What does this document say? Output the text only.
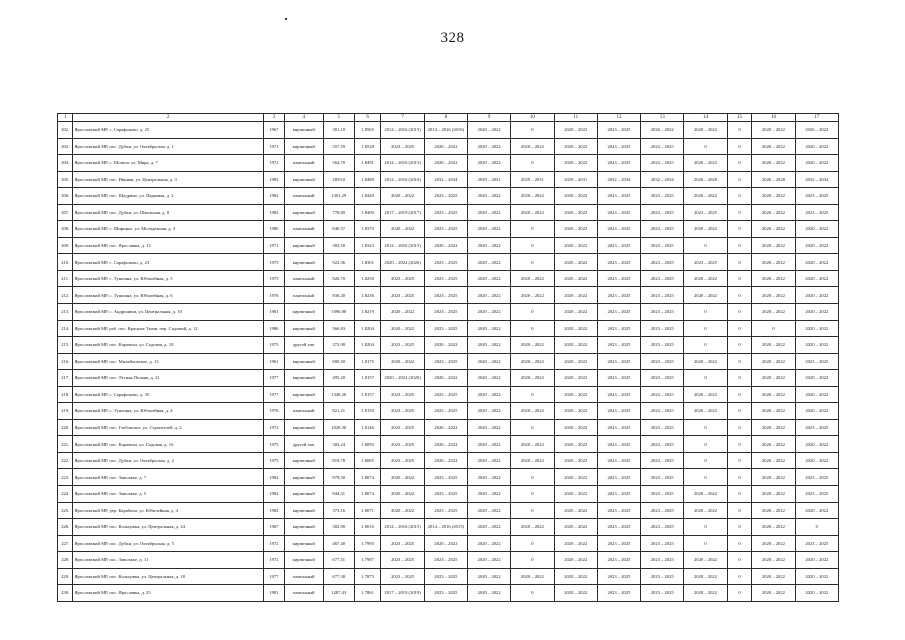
328
1	2	3	4	5	6	7	8	9	10	11	12	13	14	15	16	17
202.	Ярославский МР, с. Сарафоново, д. 25	1967	кирпичный	381,10	1.8565	2014 – 2016 (2015)	2014 – 2016 (2016)	2020 – 2022	0	2020 – 2022	2023 – 2025	2026 – 2022	2020 – 2022	0	2020 – 2022	2026 – 2022
203.	Ярославский МР, пос. Дубки, ул. Октябрьская, д. 1	1971	кирпичный	357,59	1.8528	2023 – 2025	2020 – 2022	2020 – 2022	2020 – 2022	2020 – 2022	2023 – 2025	2023 – 2025	0	0	2020 – 2022	2020 – 2022
204.	Ярославский МР, с. Шопша, ул. Мира, д. 7	1972	панельный	564,70	1.8491	2014 – 2016 (2015)	2020 – 2022	2020 – 2022	0	2020 – 2022	2023 – 2025	2023 – 2025	2020 – 2022	0	2020 – 2022	2020 – 2022
205.	Ярославский МР, пос. Ивняки, ул. Центральная, д. 3	1983	кирпичный	2859,0	1.8480	2014 – 2016 (2016)	2032 – 2034	2029 – 2031	2029 – 2031	2029 – 2031	2032 – 2034	2032 – 2034	2026 – 2028	0	2026 – 2028	2032 – 2034
206.	Ярославский МР, пос. Щедрино, ул. Парковая, д. 2	1982	панельный	1301,29	1.8440	2020 – 2022	2023 – 2025	2020 – 2022	2020 – 2022	2020 – 2022	2023 – 2025	2023 – 2025	2020 – 2022	0	2020 – 2022	2023 – 2025
207.	Ярославский МР, пос. Дубки, ул. Школьная, д. 8	1982	кирпичный	778,80	1.8400	2017 – 2019 (2017)	2023 – 2025	2020 – 2022	2020 – 2022	2020 – 2022	2023 – 2025	2023 – 2025	2023 – 2025	0	2020 – 2022	2023 – 2025
208.	Ярославский МР, с. Ширинье, ул. Молодежная, д. 3	1980	панельный	840,57	1.8370	2020 – 2022	2023 – 2025	2020 – 2022	0	2020 – 2022	2023 – 2025	2023 – 2025	2020 – 2022	0	2020 – 2022	2020 – 2022
209.	Ярославский МР, пос. Ярославка, д. 13	1971	кирпичный	383,50	1.8323	2014 – 2016 (2015)	2020 – 2022	2020 – 2022	0	2020 – 2022	2023 – 2025	2023 – 2025	0	0	2020 – 2022	2020 – 2022
210.	Ярославский МР, с. Сарафоново, д. 23	1975	кирпичный	922,36	1.8301	2020 – 2022 (2020)	2023 – 2025	2020 – 2022	0	2020 – 2022	2023 – 2025	2023 – 2025	2023 – 2025	0	2020 – 2022	2020 – 2022
211.	Ярославский МР, с. Туношна, ул. Юбилейная, д. 5	1975	панельный	826,70	1.8250	2023 – 2025	2023 – 2025	2020 – 2022	2020 – 2022	2020 – 2022	2023 – 2025	2023 – 2025	2020 – 2022	0	2020 – 2022	2020 – 2022
212.	Ярославский МР, с. Туношна, ул. Юбилейная, д. 6	1976	панельный	836,20	1.8236	2023 – 2025	2023 – 2025	2020 – 2022	2020 – 2022	2020 – 2022	2023 – 2025	2023 – 2025	2020 – 2022	0	2020 – 2022	2020 – 2022
213.	Ярославский МР, с. Андроники, ул. Центральная, д. 10	1981	кирпичный	1096,80	1.8219	2020 – 2022	2023 – 2025	2020 – 2022	0	2020 – 2022	2023 – 2025	2023 – 2025	0	0	2020 – 2022	2020 – 2022
214.	Ярославский МР, раб. пос. Красные Ткачи, пер. Садовый, д. 12	1986	кирпичный	566,83	1.8204	2020 – 2022	2023 – 2025	2020 – 2022	0	2020 – 2022	2023 – 2025	2023 – 2025	0	0	0	2020 – 2022
215.	Ярославский МР, пос. Карачиха, ул. Садовая, д. 18	1975	другой тип	372,90	1.8204	2023 – 2025	2020 – 2022	2020 – 2022	2020 – 2022	2020 – 2022	2023 – 2025	2023 – 2025	0	0	2020 – 2022	2020 – 2022
216.	Ярославский МР, пос. Михайловское, д. 13	1961	кирпичный	690,50	1.8175	2020 – 2022	2023 – 2025	2020 – 2022	2020 – 2022	2020 – 2022	2023 – 2025	2023 – 2025	2020 – 2022	0	2020 – 2022	2023 – 2025
217.	Ярославский МР, пос. Лесная Поляна, д. 21	1977	кирпичный	495,20	1.8157	2020 – 2022 (2020)	2020 – 2022	2020 – 2022	2020 – 2022	2020 – 2022	2023 – 2025	2023 – 2025	0	0	2020 – 2022	2020 – 2022
218.	Ярославский МР, с. Сарафоново, д. 35	1977	кирпичный	1348,20	1.8157	2023 – 2025	2023 – 2025	2020 – 2022	0	2020 – 2022	2023 – 2025	2023 – 2025	2020 – 2022	0	2020 – 2022	2020 – 2022
219.	Ярославский МР, с. Туношна, ул. Юбилейная, д. 4	1976	панельный	821,21	1.8150	2023 – 2025	2023 – 2025	2020 – 2022	2020 – 2022	2020 – 2022	2023 – 2025	2023 – 2025	2020 – 2022	0	2020 – 2022	2020 – 2022
220.	Ярославский МР, пос. Глебовское, ул. Строителей, д. 2	1972	кирпичный	1028,30	1.8146	2023 – 2025	2020 – 2022	2020 – 2022	0	2020 – 2022	2023 – 2025	2023 – 2025	0	0	2020 – 2022	2023 – 2025
221.	Ярославский МР, пос. Карачиха, ул. Садовая, д. 16	1975	другой тип	383,24	1.8093	2023 – 2025	2020 – 2022	2020 – 2022	2020 – 2022	2020 – 2022	2023 – 2025	2023 – 2025	0	0	2020 – 2022	2020 – 2022
222.	Ярославский МР, пос. Дубки, ул. Октябрьская, д. 2	1975	кирпичный	819,78	1.8085	2023 – 2025	2020 – 2022	2020 – 2022	2020 – 2022	2020 – 2022	2023 – 2025	2023 – 2025	0	0	2020 – 2022	2020 – 2022
223.	Ярославский МР, пос. Заволжье, д. 7	1982	кирпичный	879,50	1.8074	2020 – 2022	2023 – 2025	2020 – 2022	0	2020 – 2022	2023 – 2025	2023 – 2025	0	0	2020 – 2022	2023 – 2025
224.	Ярославский МР, пос. Заволжье, д. 5	1982	кирпичный	944,31	1.8074	2020 – 2022	2023 – 2025	2020 – 2022	0	2020 – 2022	2023 – 2025	2023 – 2025	2020 – 2022	0	2020 – 2022	2023 – 2025
225.	Ярославский МР, дер. Карабиха, ул. Юбилейная, д. 4	1982	кирпичный	373,16	1.8071	2020 – 2022	2023 – 2025	2020 – 2022	0	2020 – 2022	2023 – 2025	2023 – 2025	2020 – 2022	0	2020 – 2022	2020 – 2022
226.	Ярославский МР, пос. Кольцовка, ул. Центральная, д. 24	1967	кирпичный	302,90	1.8010	2014 – 2016 (2015)	2014 – 2016 (2015)	2020 – 2022	2020 – 2022	2020 – 2022	2023 – 2025	2023 – 2025	0	0	2020 – 2022	0
227.	Ярославский МР, пос. Дубки, ул. Октябрьская, д. 5	1972	кирпичный	467,40	1.7995	2023 – 2025	2020 – 2022	2020 – 2022	0	2020 – 2022	2023 – 2025	2023 – 2025	0	0	2020 – 2022	2023 – 2025
228.	Ярославский МР, пос. Заволжье, д. 11	1972	кирпичный	677,31	1.7987	2023 – 2025	2023 – 2025	2020 – 2022	0	2020 – 2022	2023 – 2025	2023 – 2025	2020 – 2022	0	2020 – 2022	2020 – 2022
229.	Ярославский МР, пос. Кольцовка, ул. Центральная, д. 18	1977	панельный	677,30	1.7875	2023 – 2025	2023 – 2025	2020 – 2022	2020 – 2022	2020 – 2022	2023 – 2025	2023 – 2025	2020 – 2022	0	2020 – 2022	2020 – 2022
230.	Ярославский МР, пос. Ярославка, д. 25	1981	панельный	1287,43	1.7861	2017 – 2019 (2019)	2023 – 2025	2020 – 2022	0	2020 – 2022	2023 – 2025	2023 – 2025	2020 – 2022	0	2020 – 2022	2020 – 2022
